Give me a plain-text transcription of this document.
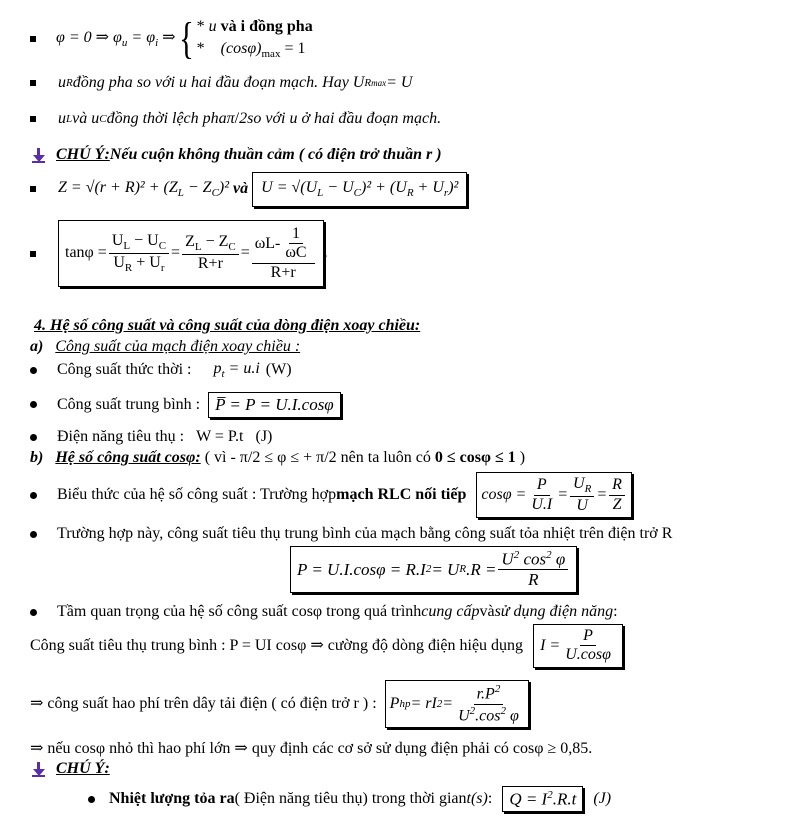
φ = 0 ⇒ $\varphi_u = \varphi_i$ ⇒ { * u và i đồng pha
* $(\cos\varphi)_{max} = 1$
u R đồng pha so với u hai đầu đoạn mạch. Hay U R max = U
u L và u C đồng thời lệch pha π / 2 so với u ở hai đầu đoạn mạch.
CHÚ Ý: Nếu cuộn không thuần cảm ( có điện trở thuần r )
$Z = √(r + R)^2 + (Z_L - Z_C)^2$ và $U = √(U_L - U_C)^2 + (U_R + U_r)^2$
$\tan\varphi = \frac{U_L - U_C}{U_R + U_r} = \frac{Z_L - Z_C}{R+r} = \frac{\omega L- \frac{1}{\omega C}}{R+r}$ .
4. Hệ số công suất và công suất của dòng điện xoay chiều:
a) Công suất của mạch điện xoay chiều :
Công suất thức thời : $p_t = u.i$ (W)
Công suất trung bình : P̅ = P = U.I.cosφ
Điện năng tiêu thụ : W = P.t (J)
b) Hệ số công suất cosφ: ( vì - π/2 ≤ φ ≤ + π/2 nên ta luôn có 0 ≤ cosφ ≤ 1 )
Biểu thức của hệ số công suất : Trường hợp mạch RLC nối tiếp $\cos\varphi = \frac{P}{U.I} = \frac{U_R}{U} = \frac{R}{Z}$
Trường hợp này, công suất tiêu thụ trung bình của mạch bằng công suất tỏa nhiệt trên điện trở R
P = U.I.cosφ = R.I 2 = U R $.R = \frac{U^2 \cos^2 \varphi}{R}$
Tầm quan trọng của hệ số công suất cosφ trong quá trình cung cấp và sử dụng điện năng :
Công suất tiêu thụ trung bình : P = UI cosφ ⇒ cường độ dòng điện hiệu dụng $I = \frac{P}{U.\cos\varphi}$
⇒ công suất hao phí trên dây tải điện ( có điện trở r ) : P hp = rI $2 = \frac{r.P^2}{U^2.\cos^2 \varphi}$
⇒ nếu cosφ nhỏ thì hao phí lớn ⇒ quy định các cơ sở sử dụng điện phải có cosφ ≥ 0,85.
CHÚ Ý:
Nhiệt lượng tỏa ra ( Điện năng tiêu thụ) trong thời gian t(s) :	$Q = I^2.R.t$	(J)
